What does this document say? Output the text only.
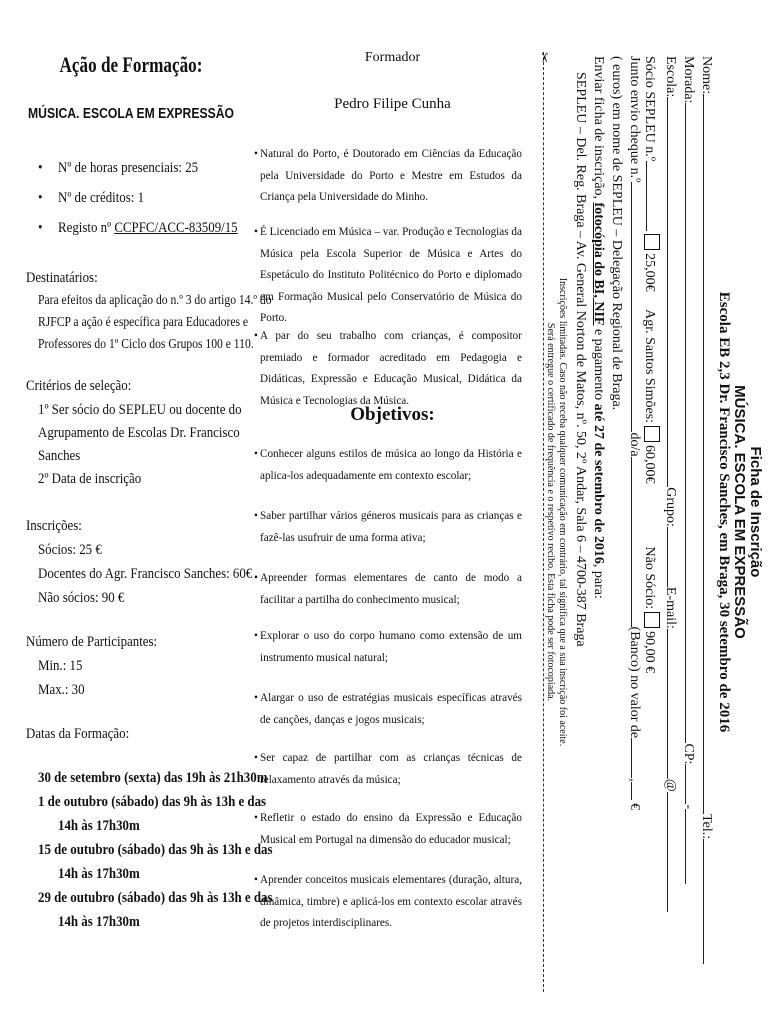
Ação de Formação:
MÚSICA. ESCOLA EM EXPRESSÃO
• Nº de horas presenciais: 25
• Nº de créditos: 1
• Registo nº CCPFC/ACC-83509/15
Destinatários:
Para efeitos da aplicação do n.º 3 do artigo 14.º do
RJFCP a ação é específica para Educadores e
Professores do 1º Ciclo dos Grupos 100 e 110.
Critérios de seleção:
1º Ser sócio do SEPLEU ou docente do
Agrupamento de Escolas Dr. Francisco
Sanches
2º Data de inscrição
Inscrições:
Sócios: 25 €
Docentes do Agr. Francisco Sanches: 60€
Não sócios: 90 €
Número de Participantes:
Min.: 15
Max.: 30
Datas da Formação:
30 de setembro (sexta) das 19h às 21h30m
1 de outubro (sábado) das 9h às 13h e das
14h às 17h30m
15 de outubro (sábado) das 9h às 13h e das
14h às 17h30m
29 de outubro (sábado) das 9h às 13h e das
14h às 17h30m
Formador
Pedro Filipe Cunha
• Natural do Porto, é Doutorado em Ciências da Educação pela Universidade do Porto e Mestre em Estudos da Criança pela Universidade do Minho.
• É Licenciado em Música – var. Produção e Tecnologias da Música pela Escola Superior de Música e Artes do Espetáculo do Instituto Politécnico do Porto e diplomado em Formação Musical pelo Conservatório de Música do Porto.
• A par do seu trabalho com crianças, é compositor premiado e formador acreditado em Pedagogia e Didáticas, Expressão e Educação Musical, Didática da Música e Tecnologias da Música.
Objetivos:
• Conhecer alguns estilos de música ao longo da História e aplica-los adequadamente em contexto escolar;
• Saber partilhar vários géneros musicais para as crianças e fazê-las usufruir de uma forma ativa;
• Apreender formas elementares de canto de modo a facilitar a partilha do conhecimento musical;
• Explorar o uso do corpo humano como extensão de um instrumento musical natural;
• Alargar o uso de estratégias musicais específicas através de canções, danças e jogos musicais;
• Ser capaz de partilhar com as crianças técnicas de relaxamento através da música;
• Refletir o estado do ensino da Expressão e Educação Musical em Portugal na dimensão do educador musical;
• Aprender conceitos musicais elementares (duração, altura, dinâmica, timbre) e aplicá-los em contexto escolar através de projetos interdisciplinares.
Ficha de Inscrição
MÚSICA. ESCOLA EM EXPRESSÃO
Escola EB 2,3 Dr. Francisco Sanches, em Braga, 30 setembro de 2016
Nome:Tel.:
Morada:CP:-
Escola:Grupo:E-mail:@
Sócio SEPLEU n.º25,00€     Agr. Santos Simões:60,00€                  Não Sócio:90,00 €
Junto envio cheque n.ºdo/a(Banco) no valor de, €
( euros) em nome de SEPLEU – Delegação Regional de Braga.
Enviar ficha de inscrição, fotocópia do BI, NIF e pagamento até 27 de setembro de 2016, para:
SEPLEU – Del. Reg. Braga – Av. General Norton de Matos, nº. 50, 2º Andar, Sala 6 – 4700-387 Braga
Inscrições limitadas. Caso não receba qualquer comunicação em contrário, tal significa que a sua inscrição foi aceite.
Será entregue o certificado de frequência e o respetivo recibo. Esta ficha pode ser fotocopiada.
✂
